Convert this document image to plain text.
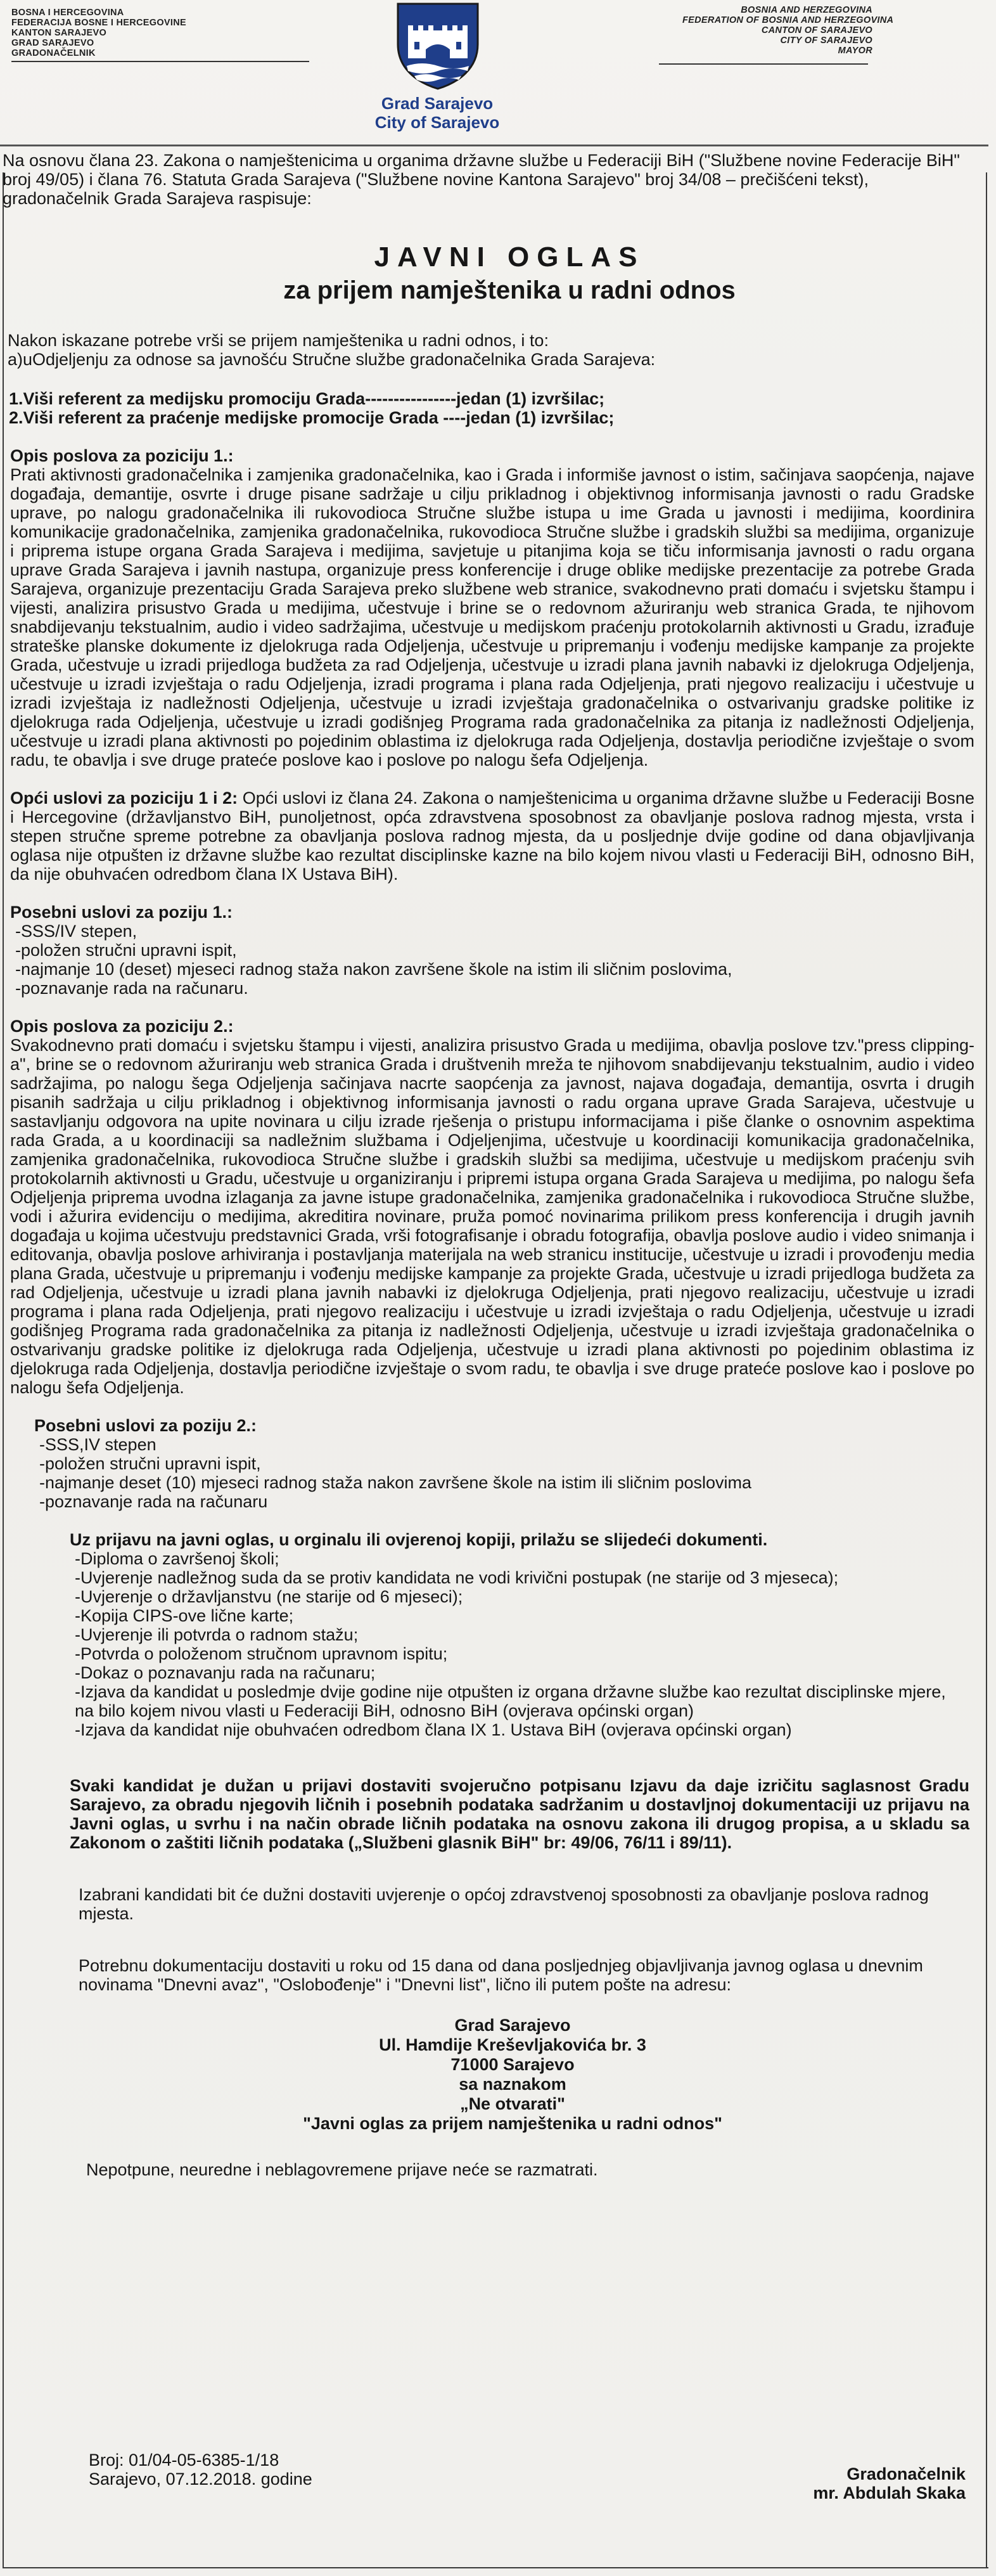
BOSNA I HERCEGOVINA
FEDERACIJA BOSNE I HERCEGOVINE
KANTON SARAJEVO
GRAD SARAJEVO
GRADONAČELNIK
Grad Sarajevo
City of Sarajevo
BOSNIA AND HERZEGOVINA
FEDERATION OF BOSNIA AND HERZEGOVINA
CANTON OF SARAJEVO
CITY OF SARAJEVO
MAYOR

Na osnovu člana 23. Zakona o namještenicima u organima državne službe u Federaciji BiH ("Službene novine Federacije BiH" broj 49/05) i člana 76. Statuta Grada Sarajeva ("Službene novine Kantona Sarajevo" broj 34/08 – prečišćeni tekst), gradonačelnik Grada Sarajeva raspisuje:

JAVNI OGLAS
za prijem namještenika u radni odnos
Nakon iskazane potrebe vrši se prijem namještenika u radni odnos, i to:
a)uOdjeljenju za odnose sa javnošću Stručne službe gradonačelnika Grada Sarajeva:
1.Viši referent za medijsku promociju Grada----------------jedan (1) izvršilac;
2.Viši referent za praćenje medijske promocije Grada ----jedan (1) izvršilac;
Opis poslova za poziciju 1.:

Prati aktivnosti gradonačelnika i zamjenika gradonačelnika, kao i Grada i informiše javnost o istim, sačinjava saopćenja, najave događaja, demantije, osvrte i druge pisane sadržaje u cilju prikladnog i objektivnog informisanja javnosti o radu Gradske uprave, po nalogu gradonačelnika ili rukovodioca Stručne službe istupa u ime Grada u javnosti i medijima, koordinira komunikacije gradonačelnika, zamjenika gradonačelnika, rukovodioca Stručne službe i gradskih službi sa medijima, organizuje i priprema istupe organa Grada Sarajeva i medijima, savjetuje u pitanjima koja se tiču informisanja javnosti o radu organa uprave Grada Sarajeva i javnih nastupa, organizuje press konferencije i druge oblike medijske prezentacije za potrebe Grada Sarajeva, organizuje prezentaciju Grada Sarajeva preko službene web stranice, svakodnevno prati domaću i svjetsku štampu i vijesti, analizira prisustvo Grada u medijima, učestvuje i brine se o redovnom ažuriranju web stranica Grada, te njihovom snabdijevanju tekstualnim, audio i video sadržajima, učestvuje u medijskom praćenju protokolarnih aktivnosti u Gradu, izrađuje strateške planske dokumente iz djelokruga rada Odjeljenja, učestvuje u pripremanju i vođenju medijske kampanje za projekte Grada, učestvuje u izradi prijedloga budžeta za rad Odjeljenja, učestvuje u izradi plana javnih nabavki iz djelokruga Odjeljenja, učestvuje u izradi izvještaja o radu Odjeljenja, izradi programa i plana rada Odjeljenja, prati njegovo realizaciju i učestvuje u izradi izvještaja iz nadležnosti Odjeljenja, učestvuje u izradi izvještaja gradonačelnika o ostvarivanju gradske politike iz djelokruga rada Odjeljenja, učestvuje u izradi godišnjeg Programa rada gradonačelnika za pitanja iz nadležnosti Odjeljenja, učestvuje u izradi plana aktivnosti po pojedinim oblastima iz djelokruga rada Odjeljenja, dostavlja periodične izvještaje o svom radu, te obavlja i sve druge prateće poslove kao i poslove po nalogu šefa Odjeljenja.

Opći uslovi za poziciju 1 i 2: Opći uslovi iz člana 24. Zakona o namještenicima u organima državne službe u Federaciji Bosne i Hercegovine (državljanstvo BiH, punoljetnost, opća zdravstvena sposobnost za obavljanje poslova radnog mjesta, vrsta i stepen stručne spreme potrebne za obavljanja poslova radnog mjesta, da u posljednje dvije godine od dana objavljivanja oglasa nije otpušten iz državne službe kao rezultat disciplinske kazne na bilo kojem nivou vlasti u Federaciji BiH, odnosno BiH, da nije obuhvaćen odredbom člana IX Ustava BiH).

Posebni uslovi za poziju 1.:
-SSS/IV stepen,
-položen stručni upravni ispit,
-najmanje 10 (deset) mjeseci radnog staža nakon završene škole na istim ili sličnim poslovima,
-poznavanje rada na računaru.
Opis poslova za poziciju 2.:

Svakodnevno prati domaću i svjetsku štampu i vijesti, analizira prisustvo Grada u medijima, obavlja poslove tzv."press clipping-a", brine se o redovnom ažuriranju web stranica Grada i društvenih mreža te njihovom snabdijevanju tekstualnim, audio i video sadržajima, po nalogu šega Odjeljenja sačinjava nacrte saopćenja za javnost, najava događaja, demantija, osvrta i drugih pisanih sadržaja u cilju prikladnog i objektivnog informisanja javnosti o radu organa uprave Grada Sarajeva, učestvuje u sastavljanju odgovora na upite novinara u cilju izrade rješenja o pristupu informacijama i piše članke o osnovnim aspektima rada Grada, a u koordinaciji sa nadležnim službama i Odjeljenjima, učestvuje u koordinaciji komunikacija gradonačelnika, zamjenika gradonačelnika, rukovodioca Stručne službe i gradskih službi sa medijima, učestvuje u medijskom praćenju svih protokolarnih aktivnosti u Gradu, učestvuje u organiziranju i pripremi istupa organa Grada Sarajeva u medijima, po nalogu šefa Odjeljenja priprema uvodna izlaganja za javne istupe gradonačelnika, zamjenika gradonačelnika i rukovodioca Stručne službe, vodi i ažurira evidenciju o medijima, akreditira novinare, pruža pomoć novinarima prilikom press konferencija i drugih javnih događaja u kojima učestvuju predstavnici Grada, vrši fotografisanje i obradu fotografija, obavlja poslove audio i video snimanja i editovanja, obavlja poslove arhiviranja i postavljanja materijala na web stranicu institucije, učestvuje u izradi i provođenju media plana Grada, učestvuje u pripremanju i vođenju medijske kampanje za projekte Grada, učestvuje u izradi prijedloga budžeta za rad Odjeljenja, učestvuje u izradi plana javnih nabavki iz djelokruga Odjeljenja, prati njegovo realizaciju, učestvuje u izradi programa i plana rada Odjeljenja, prati njegovo realizaciju i učestvuje u izradi izvještaja o radu Odjeljenja, učestvuje u izradi godišnjeg Programa rada gradonačelnika za pitanja iz nadležnosti Odjeljenja, učestvuje u izradi izvještaja gradonačelnika o ostvarivanju gradske politike iz djelokruga rada Odjeljenja, učestvuje u izradi plana aktivnosti po pojedinim oblastima iz djelokruga rada Odjeljenja, dostavlja periodične izvještaje o svom radu, te obavlja i sve druge prateće poslove kao i poslove po nalogu šefa Odjeljenja.

Posebni uslovi za poziju 2.:
-SSS,IV stepen
-položen stručni upravni ispit,
-najmanje deset (10) mjeseci radnog staža nakon završene škole na istim ili sličnim poslovima
-poznavanje rada na računaru
Uz prijavu na javni oglas, u orginalu ili ovjerenoj kopiji, prilažu se slijedeći dokumenti.
-Diploma o završenoj školi;
-Uvjerenje nadležnog suda da se protiv kandidata ne vodi krivični postupak (ne starije od 3 mjeseca);
-Uvjerenje o državljanstvu (ne starije od 6 mjeseci);
-Kopija CIPS-ove lične karte;
-Uvjerenje ili potvrda o radnom stažu;
-Potvrda o položenom stručnom upravnom ispitu;
-Dokaz o poznavanju rada na računaru;
-Izjava da kandidat u posledmje dvije godine nije otpušten iz organa državne službe kao rezultat disciplinske mjere, na bilo kojem nivou vlasti u Federaciji BiH, odnosno BiH (ovjerava općinski organ)
-Izjava da kandidat nije obuhvaćen odredbom člana IX 1. Ustava BiH (ovjerava općinski organ)

Svaki kandidat je dužan u prijavi dostaviti svojeručno potpisanu Izjavu da daje izričitu saglasnost Gradu Sarajevo, za obradu njegovih ličnih i posebnih podataka sadržanim u dostavljnoj dokumentaciji uz prijavu na Javni oglas, u svrhu i na način obrade ličnih podataka na osnovu zakona ili drugog propisa, a u skladu sa Zakonom o zaštiti ličnih podataka („Službeni glasnik BiH" br: 49/06, 76/11 i 89/11).

Izabrani kandidati bit će dužni dostaviti uvjerenje o općoj zdravstvenoj sposobnosti za obavljanje poslova radnog mjesta.

Potrebnu dokumentaciju dostaviti u roku od 15 dana od dana posljednjeg objavljivanja javnog oglasa u dnevnim novinama "Dnevni avaz", "Oslobođenje" i "Dnevni list", lično ili putem pošte na adresu:

Grad Sarajevo
Ul. Hamdije Kreševljakovića br. 3
71000 Sarajevo
sa naznakom
„Ne otvarati"
"Javni oglas za prijem namještenika u radni odnos"

Nepotpune, neuredne i neblagovremene prijave neće se razmatrati.

Broj: 01/04-05-6385-1/18
Sarajevo, 07.12.2018. godine	Gradonačelnik
mr. Abdulah Skaka
